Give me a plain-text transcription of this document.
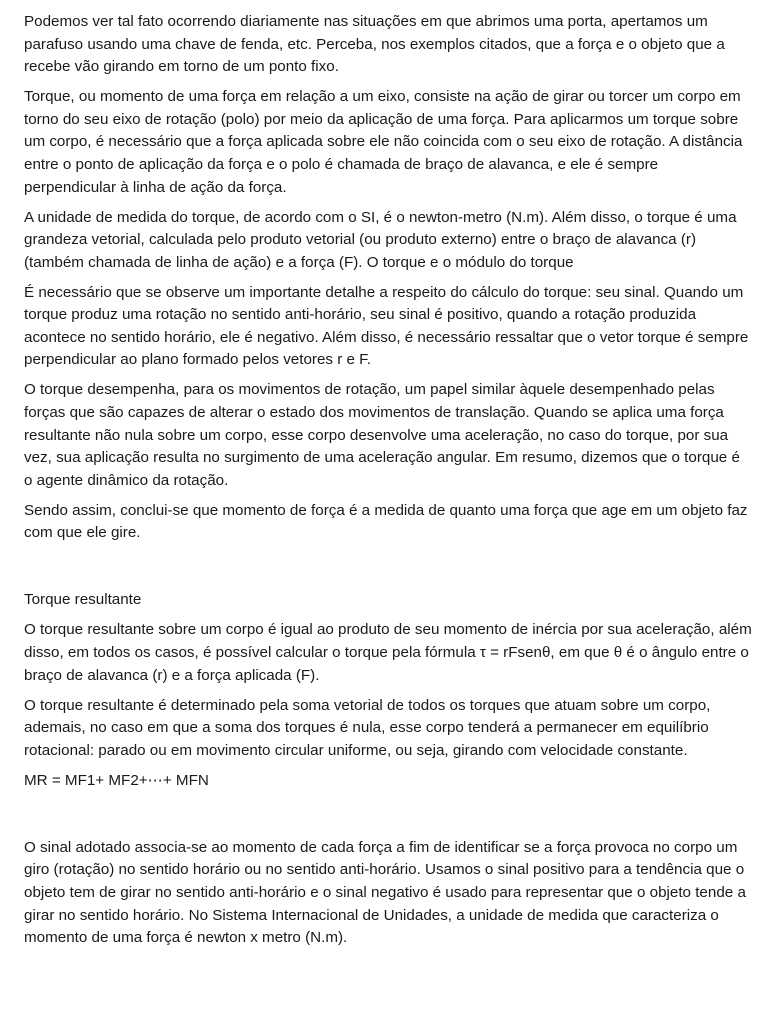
Podemos ver tal fato ocorrendo diariamente nas situações em que abrimos uma porta, apertamos um parafuso usando uma chave de fenda, etc. Perceba, nos exemplos citados, que a força e o objeto que a recebe vão girando em torno de um ponto fixo.

Torque, ou momento de uma força em relação a um eixo, consiste na ação de girar ou torcer um corpo em torno do seu eixo de rotação (polo) por meio da aplicação de uma força. Para aplicarmos um torque sobre um corpo, é necessário que a força aplicada sobre ele não coincida com o seu eixo de rotação. A distância entre o ponto de aplicação da força e o polo é chamada de braço de alavanca, e ele é sempre perpendicular à linha de ação da força.

A unidade de medida do torque, de acordo com o SI, é o newton-metro (N.m). Além disso, o torque é uma grandeza vetorial, calculada pelo produto vetorial (ou produto externo) entre o braço de alavanca (r) (também chamada de linha de ação) e a força (F). O torque e o módulo do torque

É necessário que se observe um importante detalhe a respeito do cálculo do torque: seu sinal. Quando um torque produz uma rotação no sentido anti-horário, seu sinal é positivo, quando a rotação produzida acontece no sentido horário, ele é negativo. Além disso, é necessário ressaltar que o vetor torque é sempre perpendicular ao plano formado pelos vetores r e F.

O torque desempenha, para os movimentos de rotação, um papel similar àquele desempenhado pelas forças que são capazes de alterar o estado dos movimentos de translação. Quando se aplica uma força resultante não nula sobre um corpo, esse corpo desenvolve uma aceleração, no caso do torque, por sua vez, sua aplicação resulta no surgimento de uma aceleração angular. Em resumo, dizemos que o torque é o agente dinâmico da rotação.

Sendo assim, conclui-se que momento de força é a medida de quanto uma força que age em um objeto faz com que ele gire.

Torque resultante

O torque resultante sobre um corpo é igual ao produto de seu momento de inércia por sua aceleração, além disso, em todos os casos, é possível calcular o torque pela fórmula τ = rFsenθ, em que θ é o ângulo entre o braço de alavanca (r) e a força aplicada (F).

O torque resultante é determinado pela soma vetorial de todos os torques que atuam sobre um corpo, ademais, no caso em que a soma dos torques é nula, esse corpo tenderá a permanecer em equilíbrio rotacional: parado ou em movimento circular uniforme, ou seja, girando com velocidade constante.

MR = MF1+ MF2+⋯+ MFN

O sinal adotado associa-se ao momento de cada força a fim de identificar se a força provoca no corpo um giro (rotação) no sentido horário ou no sentido anti-horário. Usamos o sinal positivo para a tendência que o objeto tem de girar no sentido anti-horário e o sinal negativo é usado para representar que o objeto tende a girar no sentido horário. No Sistema Internacional de Unidades, a unidade de medida que caracteriza o momento de uma força é newton x metro (N.m).
